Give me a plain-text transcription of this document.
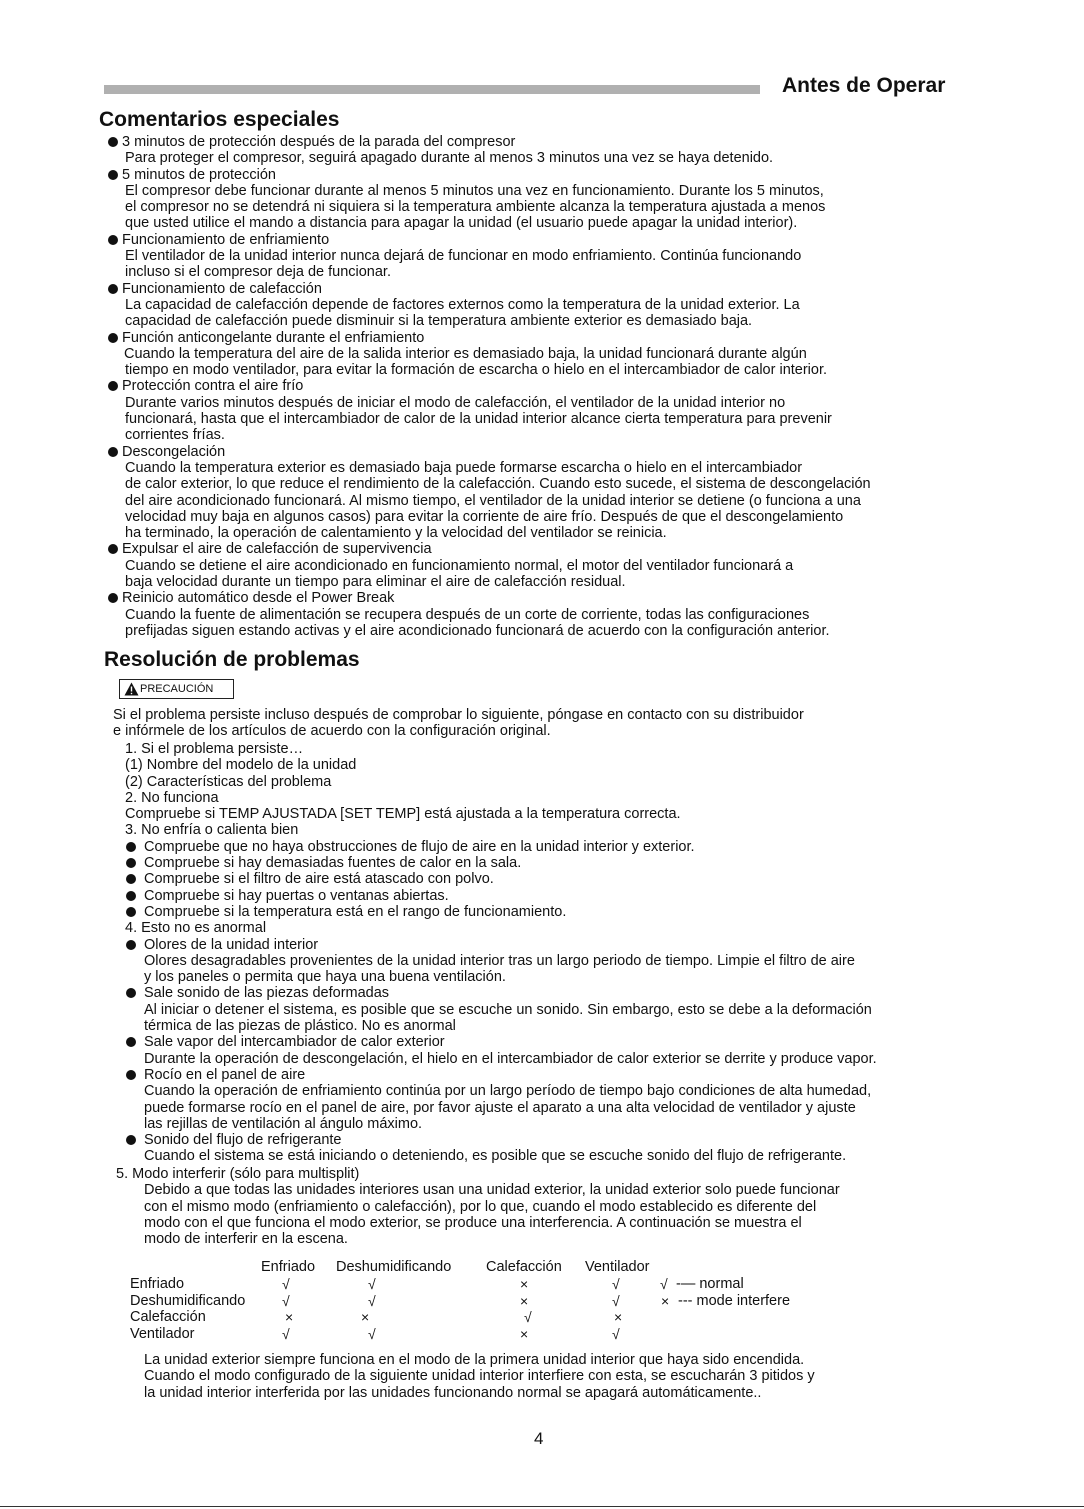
Antes de Operar
Comentarios especiales

3 minutos de protección después de la parada del compresor

Para proteger el compresor, seguirá apagado durante al menos 3 minutos una vez se haya detenido.

5 minutos de protección

El compresor debe funcionar durante al menos 5 minutos una vez en funcionamiento. Durante los 5 minutos,

el compresor no se detendrá ni siquiera si la temperatura ambiente alcanza la temperatura ajustada a menos

que usted utilice el mando a distancia para apagar la unidad (el usuario puede apagar la unidad interior).

Funcionamiento de enfriamiento

El ventilador de la unidad interior nunca dejará de funcionar en modo enfriamiento. Continúa funcionando

incluso si el compresor deja de funcionar.

Funcionamiento de calefacción

La capacidad de calefacción depende de factores externos como la temperatura de la unidad exterior. La

capacidad de calefacción puede disminuir si la temperatura ambiente exterior es demasiado baja.

Función anticongelante durante el enfriamiento

Cuando la temperatura del aire de la salida interior es demasiado baja, la unidad funcionará durante algún

tiempo en modo ventilador, para evitar la formación de escarcha o hielo en el intercambiador de calor interior.

Protección contra el aire frío

Durante varios minutos después de iniciar el modo de calefacción, el ventilador de la unidad interior no

funcionará, hasta que el intercambiador de calor de la unidad interior alcance cierta temperatura para prevenir

corrientes frías.

Descongelación

Cuando la temperatura exterior es demasiado baja puede formarse escarcha o hielo en el intercambiador

de calor exterior, lo que reduce el rendimiento de la calefacción. Cuando esto sucede, el sistema de descongelación

del aire acondicionado funcionará. Al mismo tiempo, el ventilador de la unidad interior se detiene (o funciona a una

velocidad muy baja en algunos casos) para evitar la corriente de aire frío. Después de que el descongelamiento

ha terminado, la operación de calentamiento y la velocidad del ventilador se reinicia.

Expulsar el aire de calefacción de supervivencia

Cuando se detiene el aire acondicionado en funcionamiento normal, el motor del ventilador funcionará a

baja velocidad durante un tiempo para eliminar el aire de calefacción residual.

Reinicio automático desde el Power Break

Cuando la fuente de alimentación se recupera después de un corte de corriente, todas las configuraciones

prefijadas siguen estando activas y el aire acondicionado funcionará de acuerdo con la configuración anterior.

Resolución de problemas
PRECAUCIÓN

Si el problema persiste incluso después de comprobar lo siguiente, póngase en contacto con su distribuidor

e infórmele de los artículos de acuerdo con la configuración original.

1. Si el problema persiste…

(1) Nombre del modelo de la unidad

(2) Características del problema

2. No funciona

Compruebe si TEMP AJUSTADA [SET TEMP] está ajustada a la temperatura correcta.

3. No enfría o calienta bien

Compruebe que no haya obstrucciones de flujo de aire en la unidad interior y exterior.

Compruebe si hay demasiadas fuentes de calor en la sala.

Compruebe si el filtro de aire está atascado con polvo.

Compruebe si hay puertas o ventanas abiertas.

Compruebe si la temperatura está en el rango de funcionamiento.

4. Esto no es anormal

Olores de la unidad interior

Olores desagradables provenientes de la unidad interior tras un largo periodo de tiempo. Limpie el filtro de aire

y los paneles o permita que haya una buena ventilación.

Sale sonido de las piezas deformadas

Al iniciar o detener el sistema, es posible que se escuche un sonido. Sin embargo, esto se debe a la deformación

térmica de las piezas de plástico. No es anormal

Sale vapor del intercambiador de calor exterior

Durante la operación de descongelación, el hielo en el intercambiador de calor exterior se derrite y produce vapor.

Rocío en el panel de aire

Cuando la operación de enfriamiento continúa por un largo período de tiempo bajo condiciones de alta humedad,

puede formarse rocío en el panel de aire, por favor ajuste el aparato a una alta velocidad de ventilador y ajuste

las rejillas de ventilación al ángulo máximo.

Sonido del flujo de refrigerante

Cuando el sistema se está iniciando o deteniendo, es posible que se escuche sonido del flujo de refrigerante.

5. Modo interferir (sólo para multisplit)

Debido a que todas las unidades interiores usan una unidad exterior, la unidad exterior solo puede funcionar

con el mismo modo (enfriamiento o calefacción), por lo que, cuando el modo establecido es diferente del

modo con el que funciona el modo exterior, se produce una interferencia. A continuación se muestra el

modo de interferir en la escena.

Enfriado Deshumidificando Calefacción Ventilador
Enfriado	√	√	×	√
Deshumidificando	√	√	×	√
Calefacción	×	×	√	×
Ventilador	√	√	×	√
√ -— normal
× --- mode interfere

La unidad exterior siempre funciona en el modo de la primera unidad interior que haya sido encendida.

Cuando el modo configurado de la siguiente unidad interior interfiere con esta, se escucharán 3 pitidos y

la unidad interior interferida por las unidades funcionando normal se apagará automáticamente..

4
